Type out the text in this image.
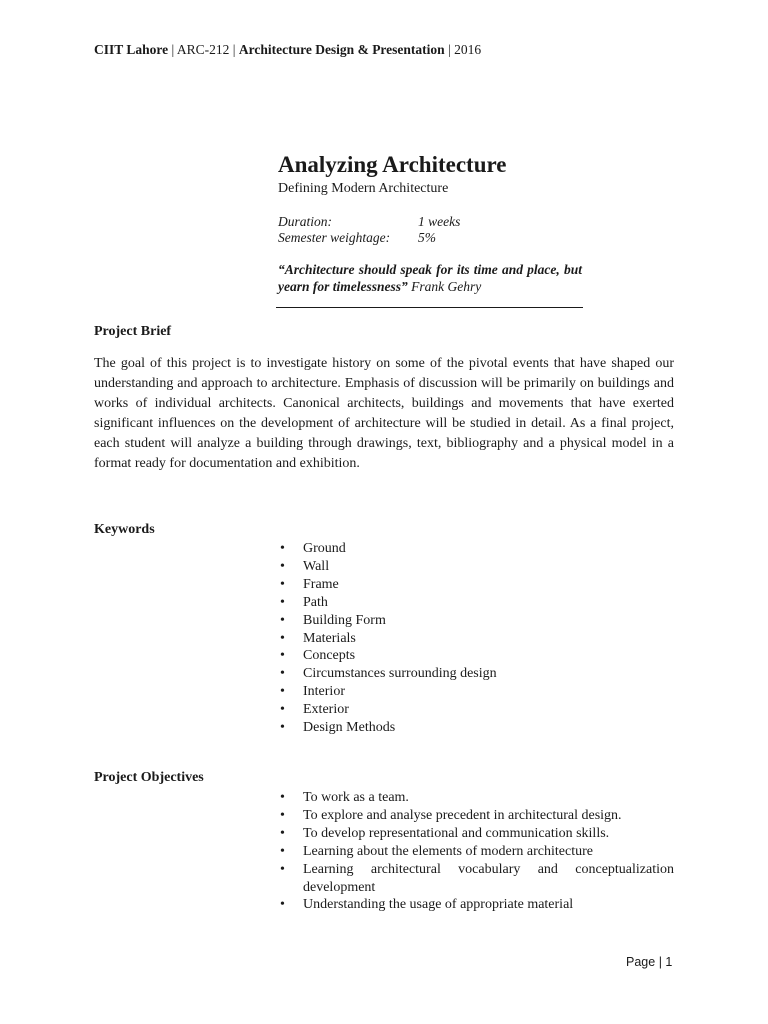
CIIT Lahore | ARC-212 | Architecture Design & Presentation | 2016
Analyzing Architecture

Defining Modern Architecture

Duration:	1 weeks
Semester weightage:	5%
“Architecture should speak for its time and place, but yearn for timelessness” Frank Gehry
Project Brief

The goal of this project is to investigate history on some of the pivotal events that have shaped our understanding and approach to architecture. Emphasis of discussion will be primarily on buildings and works of individual architects. Canonical architects, buildings and movements that have exerted significant influences on the development of architecture will be studied in detail. As a final project, each student will analyze a building through drawings, text, bibliography and a physical model in a format ready for documentation and exhibition.

Keywords
• Ground
• Wall
• Frame
• Path
• Building Form
• Materials
• Concepts
• Circumstances surrounding design
• Interior
• Exterior
• Design Methods
Project Objectives
• To work as a team.
• To explore and analyse precedent in architectural design.
• To develop representational and communication skills.
• Learning about the elements of modern architecture
• Learning architectural vocabulary and conceptualization development
• Understanding the usage of appropriate material
Page | 1
